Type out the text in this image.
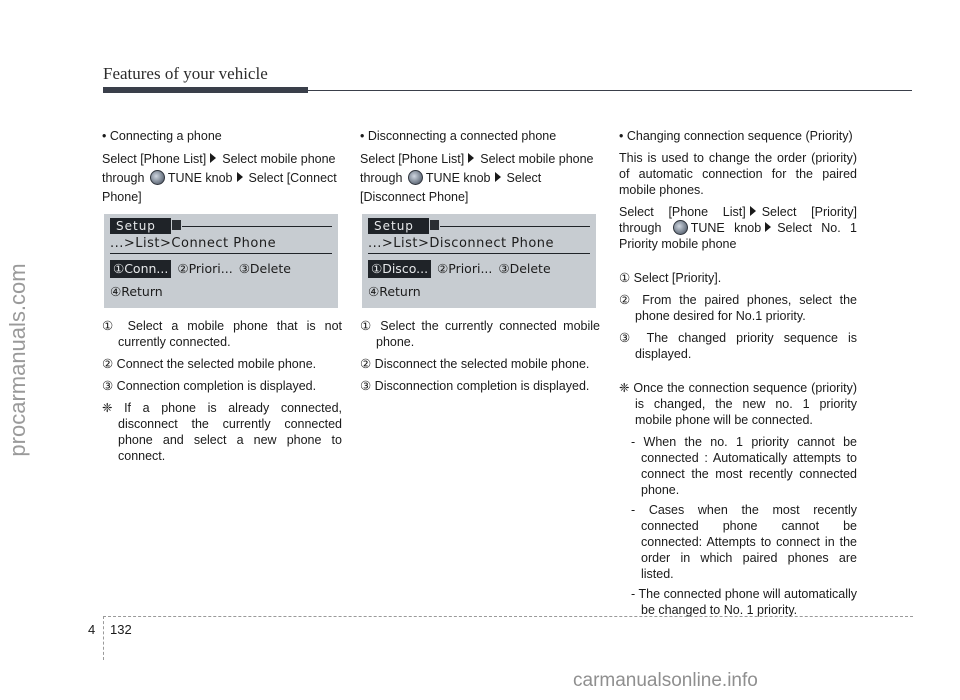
procarmanuals.com
Features of your vehicle
• Connecting a phone
Select [Phone List] Select mobile phone through TUNE knob Select [Connect Phone]
Setup
...>List>Connect Phone
①Conn... ②Priori... ③Delete
④Return
① Select a mobile phone that is not currently connected.
② Connect the selected mobile phone.
③ Connection completion is displayed.
❈ If a phone is already connected, disconnect the currently connected phone and select a new phone to connect.
• Disconnecting a connected phone
Select [Phone List] Select mobile phone through TUNE knob Select [Disconnect Phone]
Setup
...>List>Disconnect Phone
①Disco... ②Priori... ③Delete
④Return
① Select the currently connected mobile phone.
② Disconnect the selected mobile phone.
③ Disconnection completion is displayed.
• Changing connection sequence (Priority)
This is used to change the order (priority) of automatic connection for the paired mobile phones.
Select [Phone List] Select [Priority] through TUNE knob Select No. 1 Priority mobile phone
① Select [Priority].
② From the paired phones, select the phone desired for No.1 priority.
③ The changed priority sequence is displayed.
❈ Once the connection sequence (priority) is changed, the new no. 1 priority mobile phone will be connected.
- When the no. 1 priority cannot be connected : Automatically attempts to connect the most recently connected phone.
- Cases when the most recently connected phone cannot be connected: Attempts to connect in the order in which paired phones are listed.
- The connected phone will automatically be changed to No. 1 priority.
4 132
carmanualsonline.info
